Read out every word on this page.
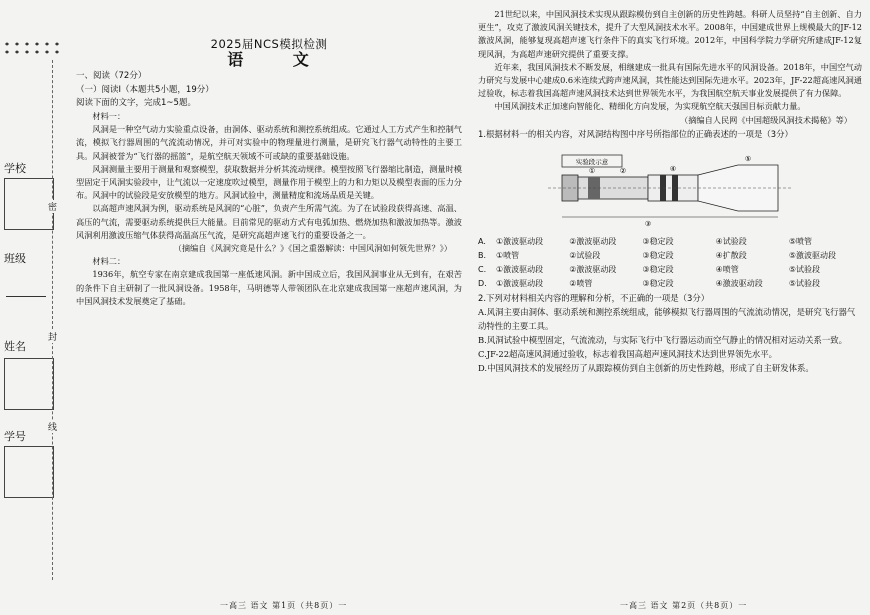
学校
班级
姓名
学号
密
封
线
2025届NCS模拟检测
语 文
一、阅读（72分）
（一）阅读Ⅰ（本题共5小题，19分）
阅读下面的文字，完成1~5题。

材料一：

风洞是一种空气动力实验重点设备，由洞体、驱动系统和测控系统组成。它通过人工方式产生和控制气流，模拟飞行器周围的气流流动情况，并可对实验中的物理量进行测量，是研究飞行器气动特性的主要工具。风洞被誉为“飞行器的摇篮”，是航空航天领域不可或缺的重要基础设施。

风洞测量主要用于测量和观察模型，获取数据并分析其流动规律。模型按照飞行器缩比制造，测量时模型固定于风洞实验段中，让气流以一定速度吹过模型，测量作用于模型上的力和力矩以及模型表面的压力分布。风洞中的试验段是安放模型的地方。风洞试验中，测量精度和流场品质是关键。

以高超声速风洞为例，驱动系统是风洞的“心脏”，负责产生所需气流。为了在试验段获得高速、高温、高压的气流，需要驱动系统提供巨大能量。目前常见的驱动方式有电弧加热、燃烧加热和激波加热等。激波风洞利用激波压缩气体获得高温高压气流，是研究高超声速飞行的重要设备之一。

（摘编自《风洞究竟是什么？》《国之重器解读：中国风洞如何领先世界？》）

材料二：

1936年，航空专家在南京建成我国第一座低速风洞。新中国成立后，我国风洞事业从无到有，在艰苦的条件下自主研制了一批风洞设备。1958年，马明德等人带领团队在北京建成我国第一座超声速风洞，为中国风洞技术发展奠定了基础。

21世纪以来，中国风洞技术实现从跟踪模仿到自主创新的历史性跨越。科研人员坚持“自主创新、自力更生”，攻克了激波风洞关键技术，提升了大型风洞技术水平。2008年，中国建成世界上规模最大的JF-12激波风洞，能够复现高超声速飞行条件下的真实飞行环境。2012年，中国科学院力学研究所建成JF-12复现风洞，为高超声速研究提供了重要支撑。

近年来，我国风洞技术不断发展，相继建成一批具有国际先进水平的风洞设备。2018年，中国空气动力研究与发展中心建成0.6米连续式跨声速风洞，其性能达到国际先进水平。2023年，JF-22超高速风洞通过验收，标志着我国高超声速风洞技术达到世界领先水平，为我国航空航天事业发展提供了有力保障。

中国风洞技术正加速向智能化、精细化方向发展，为实现航空航天强国目标贡献力量。

（摘编自人民网《中国超级风洞技术揭秘》等）
1.根据材料一的相关内容，对风洞结构图中序号所指部位的正确表述的一项是（3分）
实验段示意
①	②
③
④
⑤
A.	①激波驱动段	②激波驱动段	③稳定段	④试验段	⑤喷管
B.	①喷管	②试验段	③稳定段	④扩散段	⑤激波驱动段
C.	①激波驱动段	②激波驱动段	③稳定段	④喷管	⑤试验段
D.	①激波驱动段	②喷管	③稳定段	④激波驱动段	⑤试验段
2.下列对材料相关内容的理解和分析，不正确的一项是（3分）
A.风洞主要由洞体、驱动系统和测控系统组成，能够模拟飞行器周围的气流流动情况，是研究飞行器气动特性的主要工具。
B.风洞试验中模型固定，气流流动，与实际飞行中飞行器运动而空气静止的情况相对运动关系一致。
C.JF-22超高速风洞通过验收，标志着我国高超声速风洞技术达到世界领先水平。
D.中国风洞技术的发展经历了从跟踪模仿到自主创新的历史性跨越，形成了自主研发体系。
一高三 语文 第1页（共8页）一	一高三 语文 第2页（共8页）一
